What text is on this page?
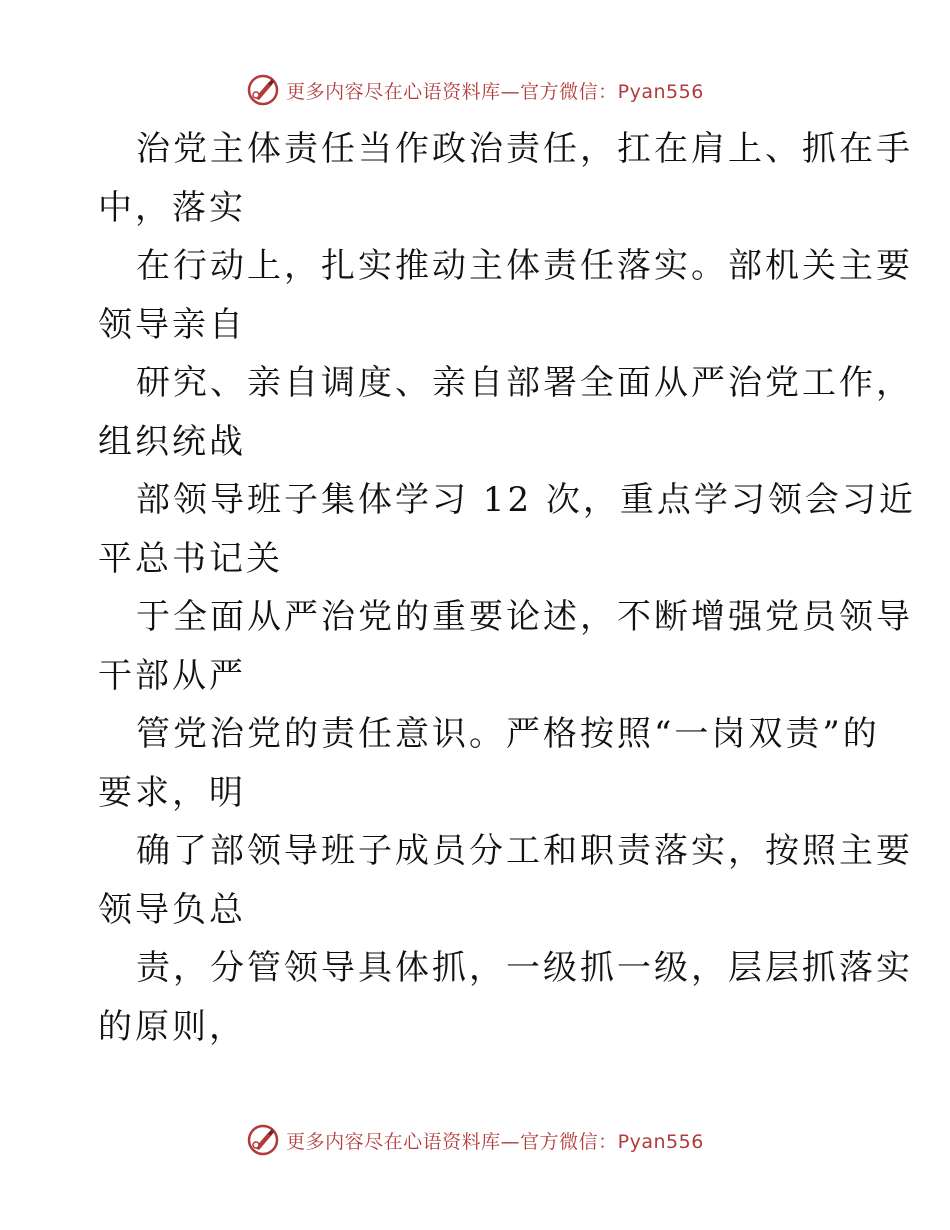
更多内容尽在心语资料库—官方微信：Pyan556
治党主体责任当作政治责任，扛在肩上、抓在手
中，落实
在行动上，扎实推动主体责任落实。部机关主要
领导亲自
研究、亲自调度、亲自部署全面从严治党工作，
组织统战
部领导班子集体学习 12 次，重点学习领会习近
平总书记关
于全面从严治党的重要论述，不断增强党员领导
干部从严
管党治党的责任意识。严格按照“一岗双责”的
要求，明
确了部领导班子成员分工和职责落实，按照主要
领导负总
责，分管领导具体抓，一级抓一级，层层抓落实
的原则，
更多内容尽在心语资料库—官方微信：Pyan556
